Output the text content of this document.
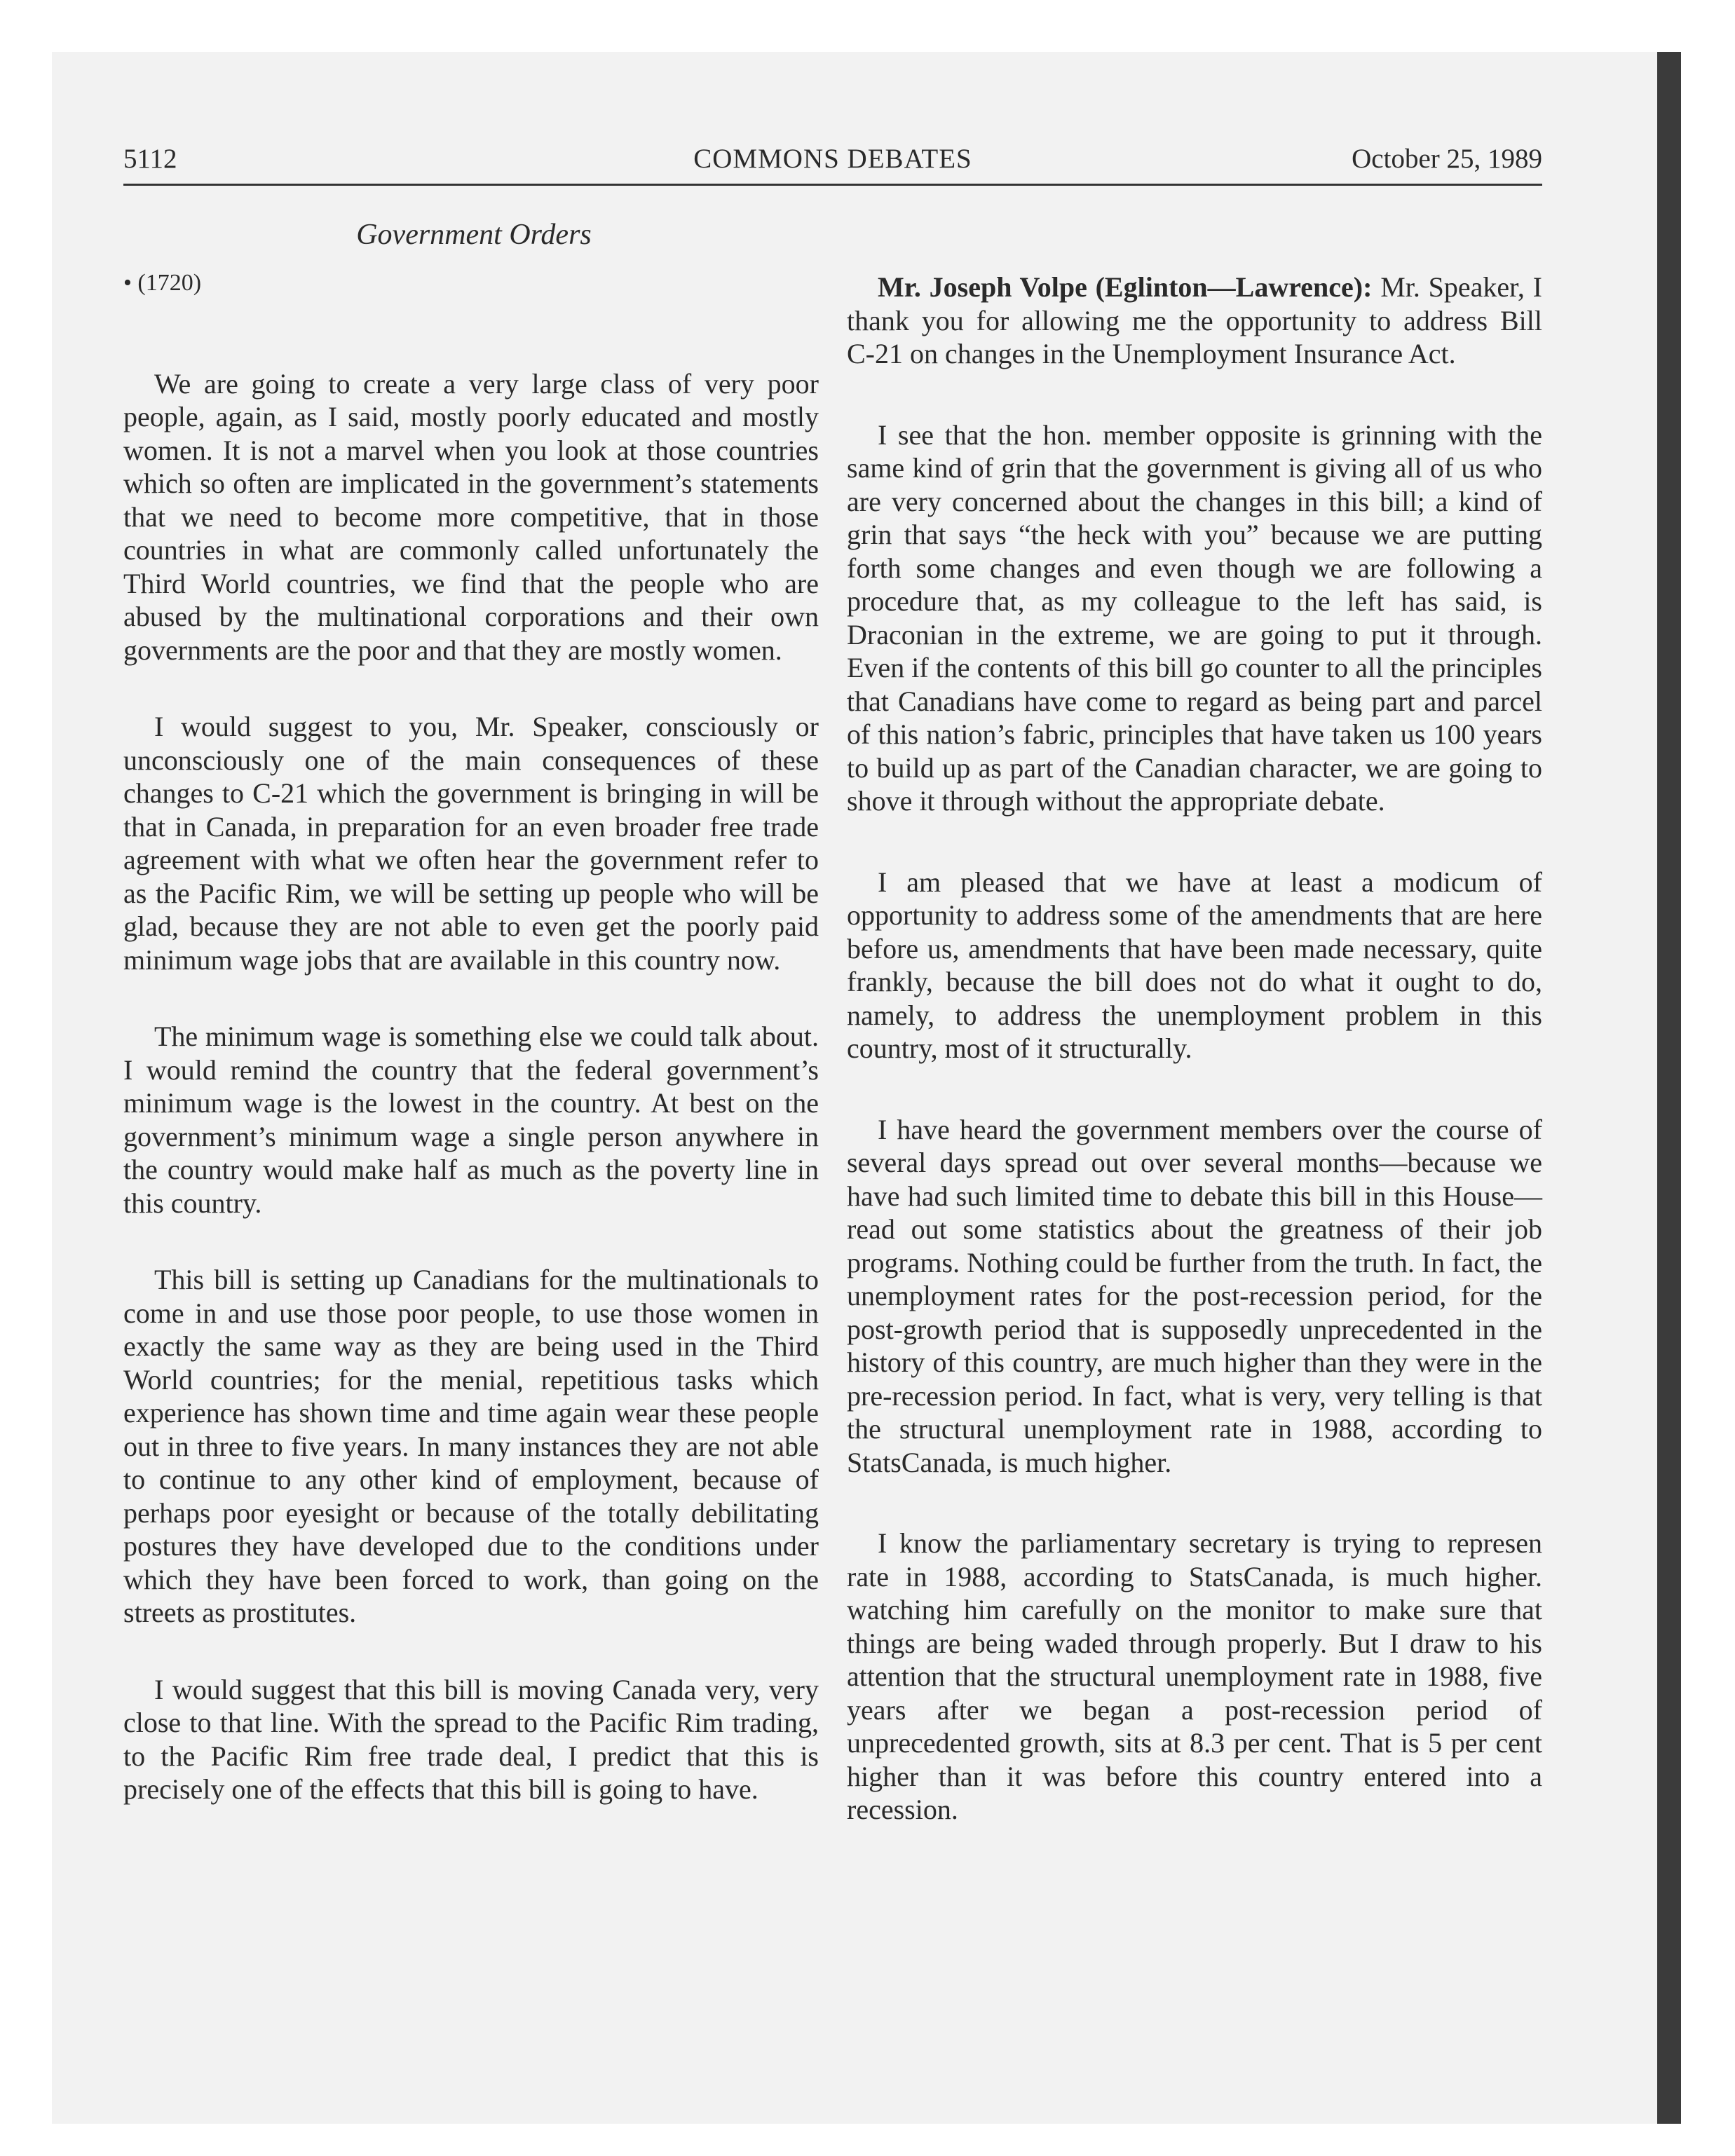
5112	COMMONS DEBATES	October 25, 1989
Government Orders
• (1720)

We are going to create a very large class of very poor people, again, as I said, mostly poorly educated and mostly women. It is not a marvel when you look at those countries which so often are implicated in the government’s statements that we need to become more competitive, that in those countries in what are commonly called unfortunately the Third World countries, we find that the people who are abused by the multinational corporations and their own governments are the poor and that they are mostly women.

I would suggest to you, Mr. Speaker, consciously or unconsciously one of the main consequences of these changes to C‑21 which the government is bringing in will be that in Canada, in preparation for an even broader free trade agreement with what we often hear the government refer to as the Pacific Rim, we will be setting up people who will be glad, because they are not able to even get the poorly paid minimum wage jobs that are available in this country now.

The minimum wage is something else we could talk about. I would remind the country that the federal government’s minimum wage is the lowest in the country. At best on the government’s minimum wage a single person anywhere in the country would make half as much as the poverty line in this country.

This bill is setting up Canadians for the multinationals to come in and use those poor people, to use those women in exactly the same way as they are being used in the Third World countries; for the menial, repetitious tasks which experience has shown time and time again wear these people out in three to five years. In many instances they are not able to continue to any other kind of employment, because of perhaps poor eyesight or because of the totally debilitating postures they have developed due to the conditions under which they have been forced to work, than going on the streets as prostitutes.

I would suggest that this bill is moving Canada very, very close to that line. With the spread to the Pacific Rim trading, to the Pacific Rim free trade deal, I predict that this is precisely one of the effects that this bill is going to have.

Mr. Joseph Volpe (Eglinton—Lawrence): Mr. Speaker, I thank you for allowing me the opportunity to address Bill C‑21 on changes in the Unemployment Insurance Act.

I see that the hon. member opposite is grinning with the same kind of grin that the government is giving all of us who are very concerned about the changes in this bill; a kind of grin that says “the heck with you” because we are putting forth some changes and even though we are following a procedure that, as my colleague to the left has said, is Draconian in the extreme, we are going to put it through. Even if the contents of this bill go counter to all the principles that Canadians have come to regard as being part and parcel of this nation’s fabric, principles that have taken us 100 years to build up as part of the Canadian character, we are going to shove it through without the appropriate debate.

I am pleased that we have at least a modicum of opportunity to address some of the amendments that are here before us, amendments that have been made necessary, quite frankly, because the bill does not do what it ought to do, namely, to address the unemployment problem in this country, most of it structurally.

I have heard the government members over the course of several days spread out over several months—because we have had such limited time to debate this bill in this House—read out some statistics about the greatness of their job programs. Nothing could be further from the truth. In fact, the unemployment rates for the post‑recession period, for the post‑growth period that is supposedly unprecedented in the history of this country, are much higher than they were in the pre‑recession period. In fact, what is very, very telling is that the structural unemployment rate in 1988, according to StatsCanada, is much higher.

I know the parliamentary secretary is trying to represen rate in 1988, according to StatsCanada, is much higher. watching him carefully on the monitor to make sure that things are being waded through properly. But I draw to his attention that the structural unemployment rate in 1988, five years after we began a post‑recession period of unprecedented growth, sits at 8.3 per cent. That is 5 per cent higher than it was before this country entered into a recession.
